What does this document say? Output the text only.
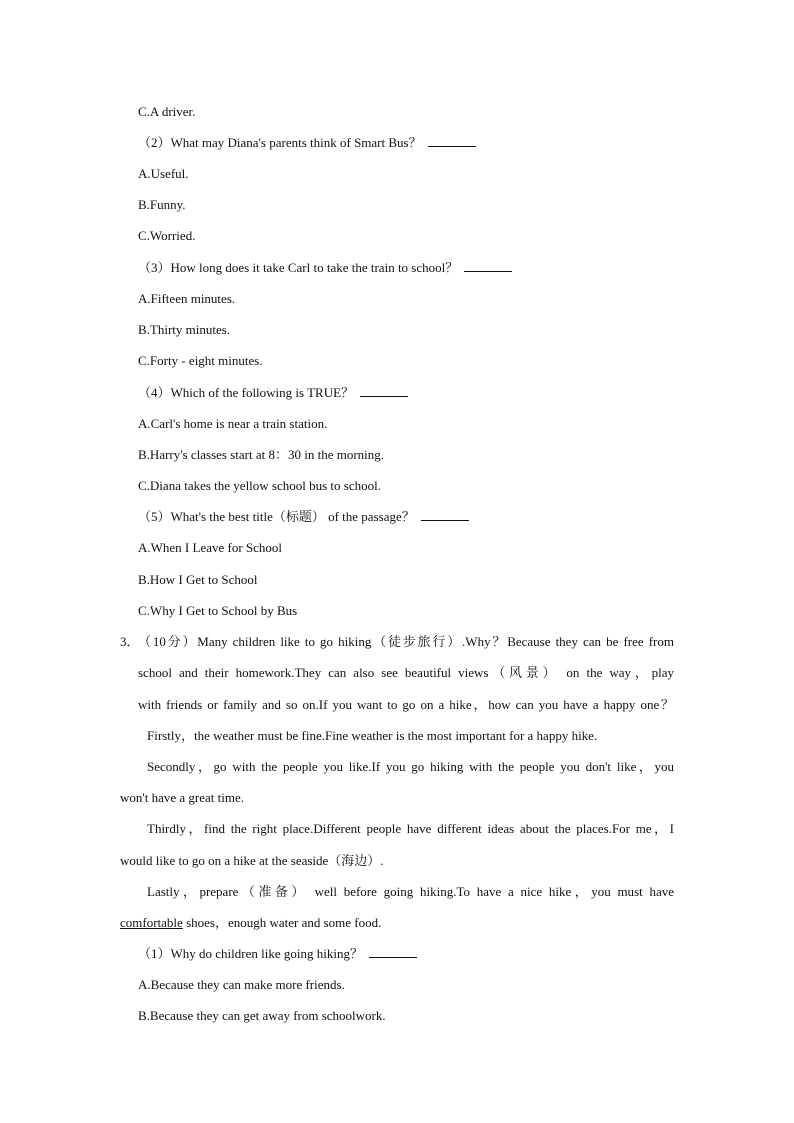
C.A driver.
（2）What may Diana's parents think of Smart Bus？
A.Useful.
B.Funny.
C.Worried.
（3）How long does it take Carl to take the train to school？
A.Fifteen minutes.
B.Thirty minutes.
C.Forty - eight minutes.
（4）Which of the following is TRUE？
A.Carl's home is near a train station.
B.Harry's classes start at 8：30 in the morning.
C.Diana takes the yellow school bus to school.
（5）What's the best title（标题） of the passage？
A.When I Leave for School
B.How I Get to School
C.Why I Get to School by Bus
3．
（10分）Many children like to go hiking（徒步旅行）.Why？Because they can be free from
school and their homework.They can also see beautiful views（风景） on the way，play
with friends or family and so on.If you want to go on a hike，how can you have a happy one？
Firstly，the weather must be fine.Fine weather is the most important for a happy hike.
Secondly，go with the people you like.If you go hiking with the people you don't like，you
won't have a great time.
Thirdly，find the right place.Different people have different ideas about the places.For me，I
would like to go on a hike at the seaside（海边）.
Lastly，prepare（准备） well before going hiking.To have a nice hike，you must have
comfortable shoes，enough water and some food.
（1）Why do children like going hiking？
A.Because they can make more friends.
B.Because they can get away from schoolwork.
